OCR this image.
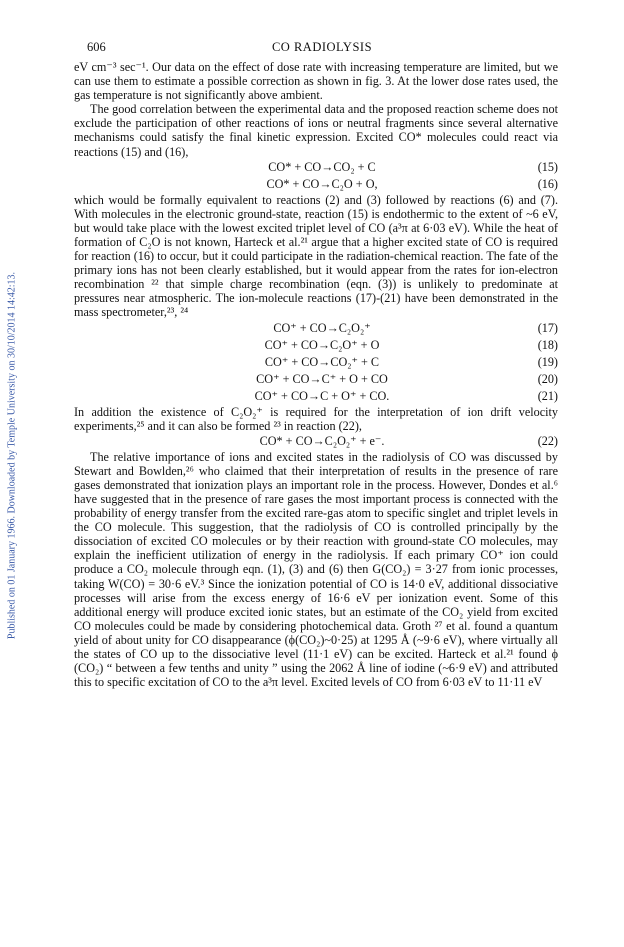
Published on 01 January 1966. Downloaded by Temple University on 30/10/2014 14:42:13.
606	CO RADIOLYSIS

eV cm⁻³ sec⁻¹. Our data on the effect of dose rate with increasing temperature are limited, but we can use them to estimate a possible correction as shown in fig. 3. At the lower dose rates used, the gas temperature is not significantly above ambient.

The good correlation between the experimental data and the proposed reaction scheme does not exclude the participation of other reactions of ions or neutral fragments since several alternative mechanisms could satisfy the final kinetic expression. Excited CO* molecules could react via reactions (15) and (16),

CO* + CO→CO₂ + C	(15)
CO* + CO→C₂O + O,	(16)

which would be formally equivalent to reactions (2) and (3) followed by reactions (6) and (7). With molecules in the electronic ground-state, reaction (15) is endothermic to the extent of ~6 eV, but would take place with the lowest excited triplet level of CO (a³π at 6·03 eV). While the heat of formation of C₂O is not known, Harteck et al.²¹ argue that a higher excited state of CO is required for reaction (16) to occur, but it could participate in the radiation-chemical reaction. The fate of the primary ions has not been clearly established, but it would appear from the rates for ion-electron recombination ²² that simple charge recombination (eqn. (3)) is unlikely to predominate at pressures near atmospheric. The ion-molecule reactions (17)-(21) have been demonstrated in the mass spectrometer,²³, ²⁴

CO⁺ + CO→C₂O₂⁺	(17)
CO⁺ + CO→C₂O⁺ + O	(18)
CO⁺ + CO→CO₂⁺ + C	(19)
CO⁺ + CO→C⁺ + O + CO	(20)
CO⁺ + CO→C + O⁺ + CO.	(21)

In addition the existence of C₂O₂⁺ is required for the interpretation of ion drift velocity experiments,²⁵ and it can also be formed ²³ in reaction (22),

CO* + CO→C₂O₂⁺ + e⁻.	(22)

The relative importance of ions and excited states in the radiolysis of CO was discussed by Stewart and Bowlden,²⁶ who claimed that their interpretation of results in the presence of rare gases demonstrated that ionization plays an important role in the process. However, Dondes et al.⁶ have suggested that in the presence of rare gases the most important process is connected with the probability of energy transfer from the excited rare-gas atom to specific singlet and triplet levels in the CO molecule. This suggestion, that the radiolysis of CO is controlled principally by the dissociation of excited CO molecules or by their reaction with ground-state CO molecules, may explain the inefficient utilization of energy in the radiolysis. If each primary CO⁺ ion could produce a CO₂ molecule through eqn. (1), (3) and (6) then G(CO₂) = 3·27 from ionic processes, taking W(CO) = 30·6 eV.³ Since the ionization potential of CO is 14·0 eV, additional dissociative processes will arise from the excess energy of 16·6 eV per ionization event. Some of this additional energy will produce excited ionic states, but an estimate of the CO₂ yield from excited CO molecules could be made by considering photochemical data. Groth ²⁷ et al. found a quantum yield of about unity for CO disappearance (ϕ(CO₂)~0·25) at 1295 Å (~9·6 eV), where virtually all the states of CO up to the dissociative level (11·1 eV) can be excited. Harteck et al.²¹ found ϕ (CO₂) “ between a few tenths and unity ” using the 2062 Å line of iodine (~6·9 eV) and attributed this to specific excitation of CO to the a³π level. Excited levels of CO from 6·03 eV to 11·11 eV
